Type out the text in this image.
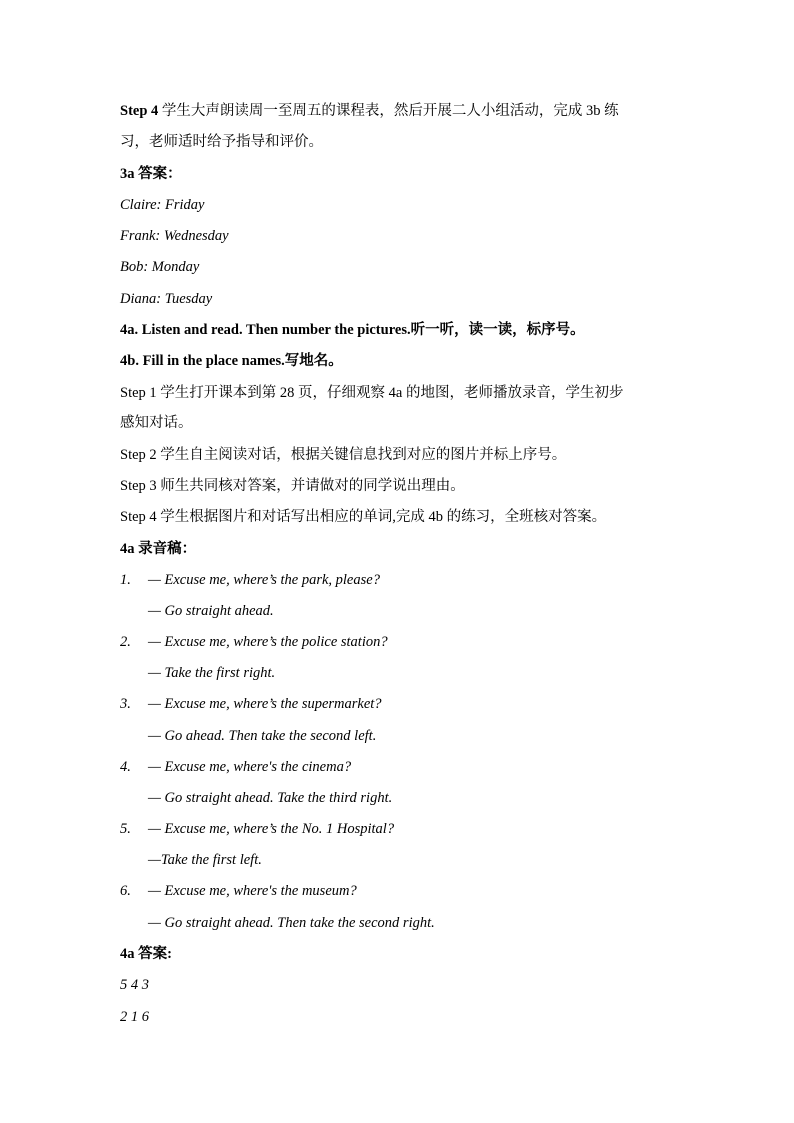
Step 4 学生大声朗读周一至周五的课程表，然后开展二人小组活动，完成 3b 练
习，老师适时给予指导和评价。
3a 答案：
Claire: Friday
Frank: Wednesday
Bob: Monday
Diana: Tuesday
4a. Listen and read. Then number the pictures.听一听，读一读，标序号。
4b. Fill in the place names.写地名。
Step 1 学生打开课本到第 28 页，仔细观察 4a 的地图，老师播放录音，学生初步
感知对话。
Step 2 学生自主阅读对话，根据关键信息找到对应的图片并标上序号。
Step 3 师生共同核对答案，并请做对的同学说出理由。
Step 4 学生根据图片和对话写出相应的单词,完成 4b 的练习，全班核对答案。
4a 录音稿：
1. — Excuse me, where’s the park, please?
— Go straight ahead.
2. — Excuse me, where’s the police station?
— Take the first right.
3. — Excuse me, where’s the supermarket?
— Go ahead. Then take the second left.
4. — Excuse me, where's the cinema?
— Go straight ahead. Take the third right.
5. — Excuse me, where’s the No. 1 Hospital?
—Take the first left.
6. — Excuse me, where's the museum?
— Go straight ahead. Then take the second right.
4a 答案:
5 4 3
2 1 6
